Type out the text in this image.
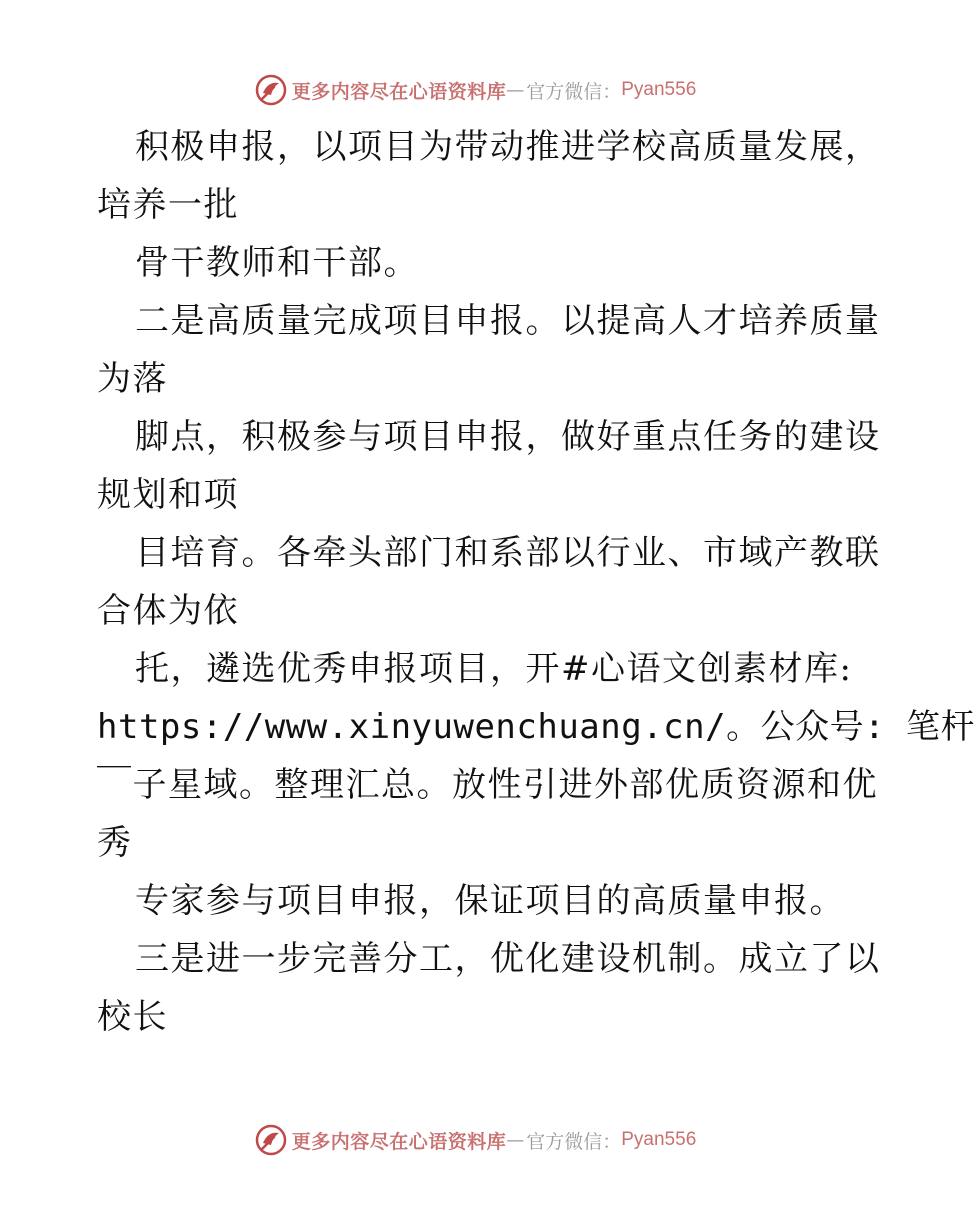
更多内容尽在心语资料库 — 官方微信： Pyan556
积极申报，以项目为带动推进学校高质量发展，
培养一批
骨干教师和干部。
二是高质量完成项目申报。以提高人才培养质量
为落
脚点，积极参与项目申报，做好重点任务的建设
规划和项
目培育。各牵头部门和系部以行业、市域产教联
合体为依
托，遴选优秀申报项目，开#心语文创素材库:
https://www.xinyuwenchuang.cn/。公众号: 笔杆
￣子星域。整理汇总。放性引进外部优质资源和优
秀
专家参与项目申报，保证项目的高质量申报。
三是进一步完善分工，优化建设机制。成立了以
校长
更多内容尽在心语资料库 — 官方微信： Pyan556
